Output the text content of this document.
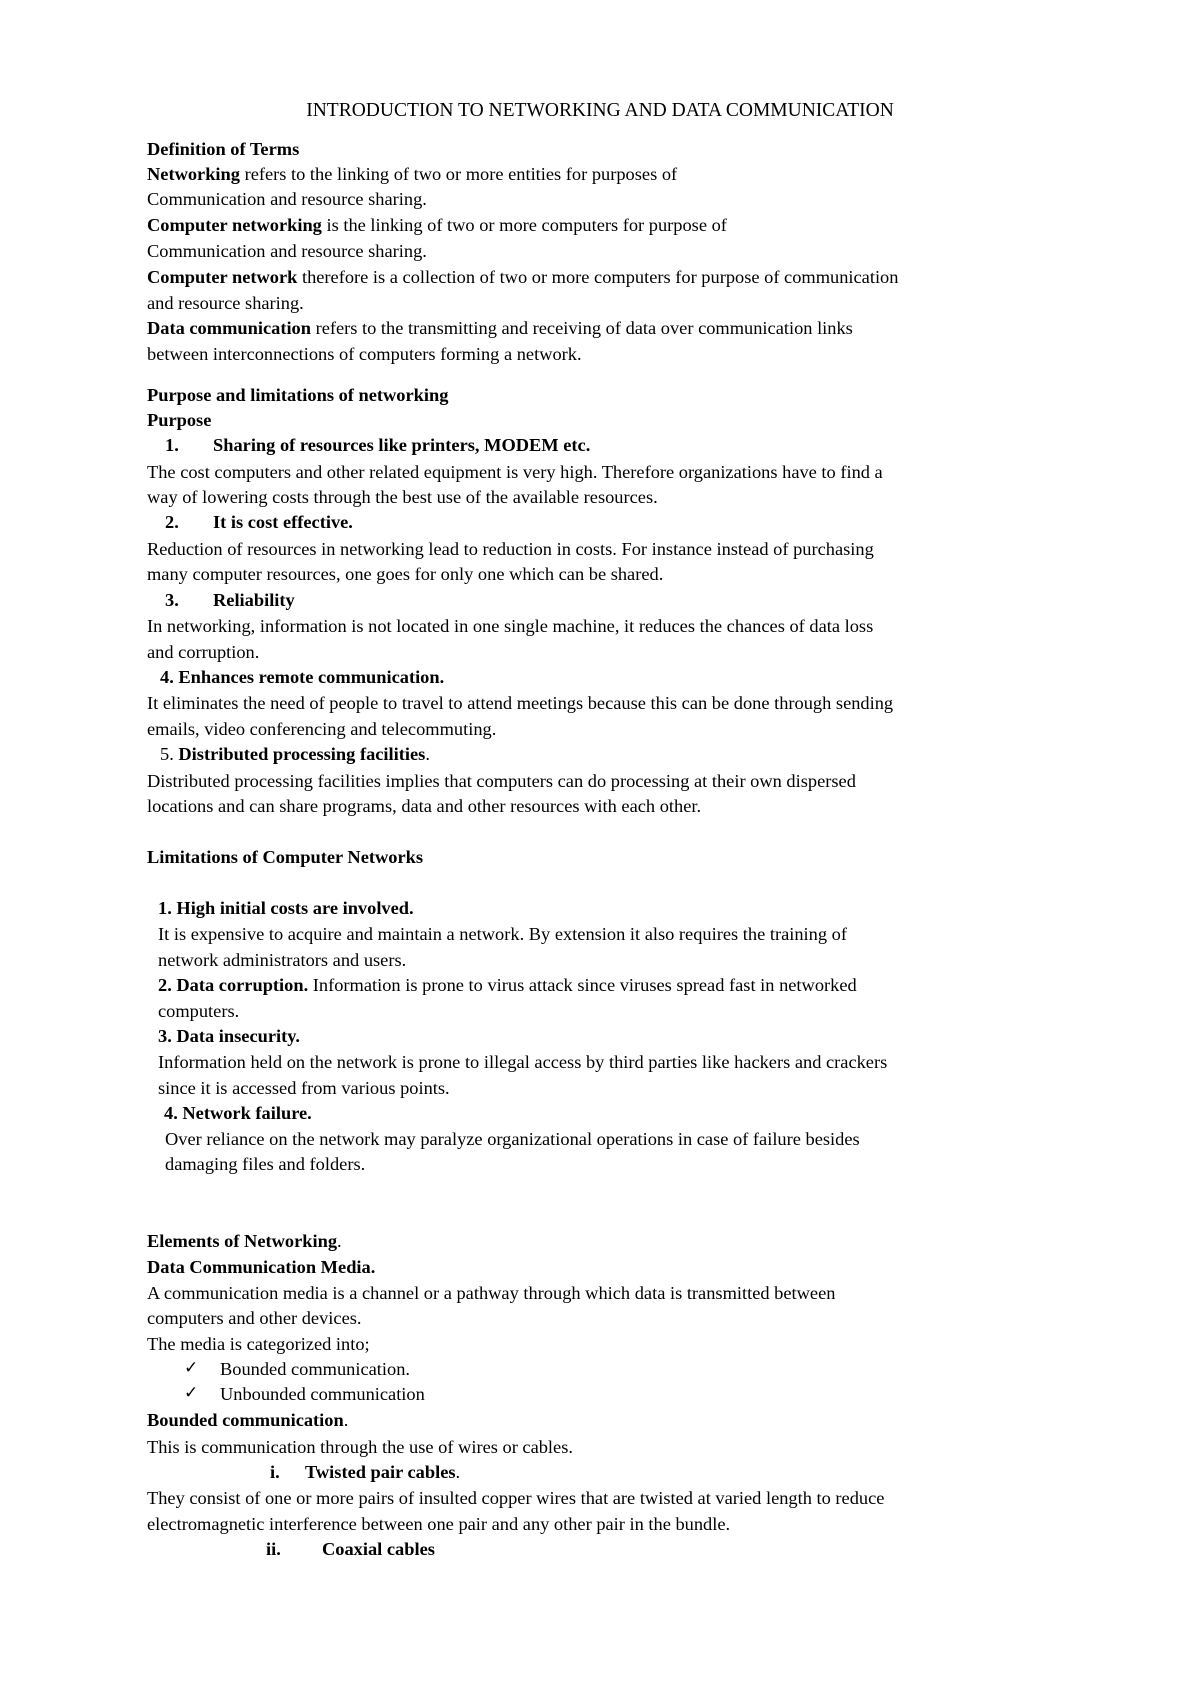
INTRODUCTION TO NETWORKING AND DATA COMMUNICATION
Definition of Terms
Networking refers to the linking of two or more entities for purposes of
Communication and resource sharing.
Computer networking is the linking of two or more computers for purpose of
Communication and resource sharing.
Computer network therefore is a collection of two or more computers for purpose of communication
and resource sharing.
Data communication refers to the transmitting and receiving of data over communication links
between interconnections of computers forming a network.
Purpose and limitations of networking
Purpose
1. Sharing of resources like printers, MODEM etc.
The cost computers and other related equipment is very high. Therefore organizations have to find a
way of lowering costs through the best use of the available resources.
2. It is cost effective.
Reduction of resources in networking lead to reduction in costs. For instance instead of purchasing
many computer resources, one goes for only one which can be shared.
3. Reliability
In networking, information is not located in one single machine, it reduces the chances of data loss
and corruption.
4. Enhances remote communication.
It eliminates the need of people to travel to attend meetings because this can be done through sending
emails, video conferencing and telecommuting.
5. Distributed processing facilities.
Distributed processing facilities implies that computers can do processing at their own dispersed
locations and can share programs, data and other resources with each other.
Limitations of Computer Networks
1. High initial costs are involved.
It is expensive to acquire and maintain a network. By extension it also requires the training of
network administrators and users.
2. Data corruption. Information is prone to virus attack since viruses spread fast in networked
computers.
3. Data insecurity.
Information held on the network is prone to illegal access by third parties like hackers and crackers
since it is accessed from various points.
4. Network failure.
Over reliance on the network may paralyze organizational operations in case of failure besides
damaging files and folders.
Elements of Networking.
Data Communication Media.
A communication media is a channel or a pathway through which data is transmitted between
computers and other devices.
The media is categorized into;
✓ Bounded communication.
✓ Unbounded communication
Bounded communication.
This is communication through the use of wires or cables.
i. Twisted pair cables.
They consist of one or more pairs of insulted copper wires that are twisted at varied length to reduce
electromagnetic interference between one pair and any other pair in the bundle.
ii. Coaxial cables
